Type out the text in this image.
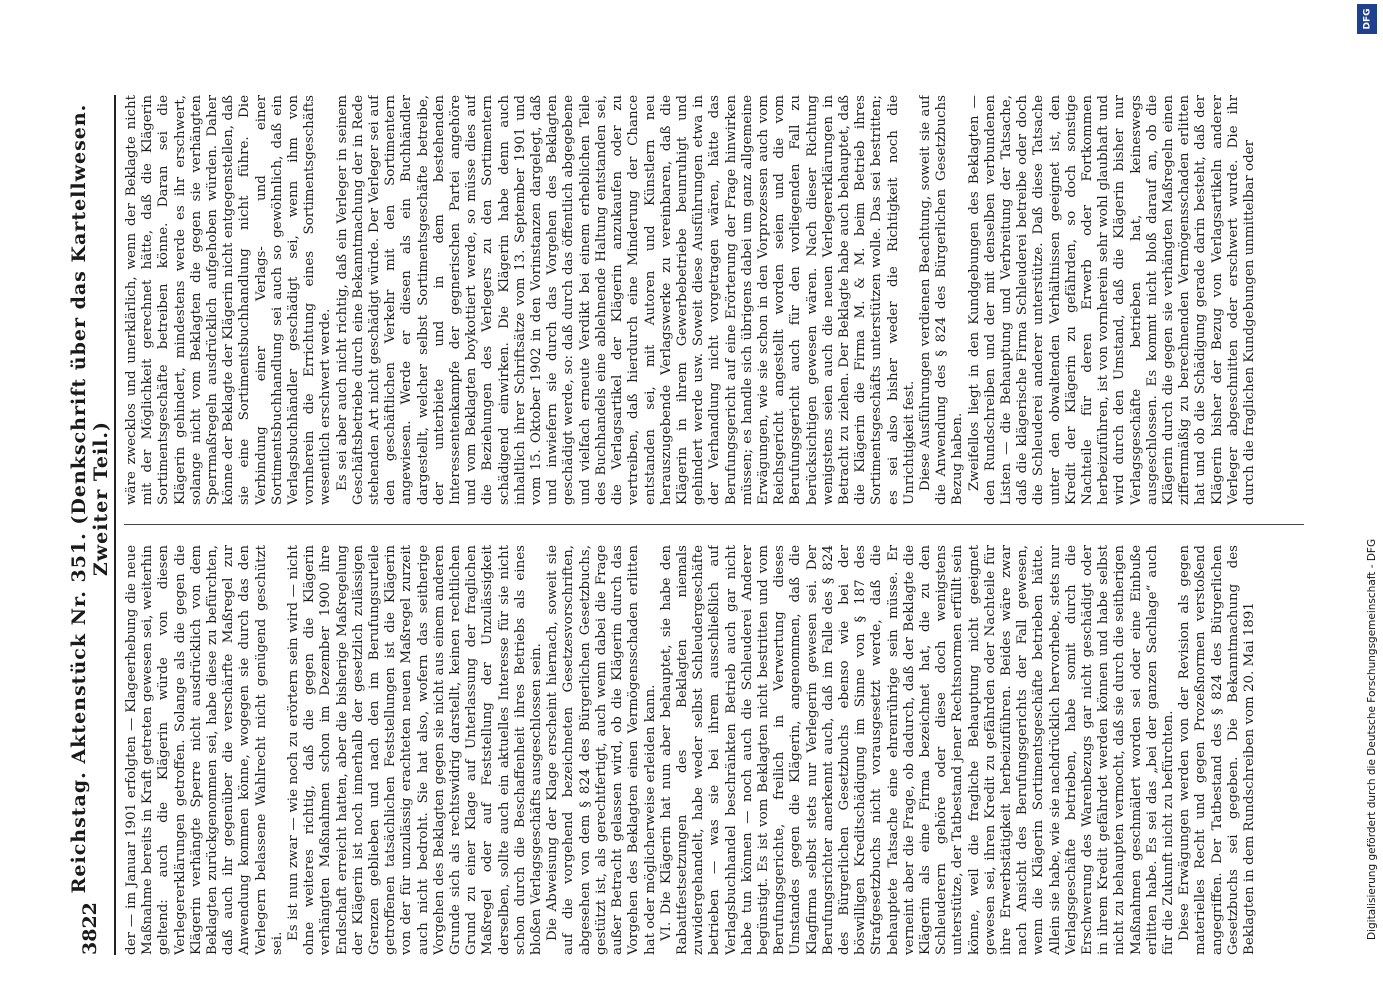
3822
Reichstag. Aktenstück Nr. 351. (Denkschrift über das Kartellwesen. Zweiter Teil.)

der — im Januar 1901 erfolgten — Klageerhebung die neue Maßnahme bereits in Kraft getreten gewesen sei, weiterhin geltend: auch die Klägerin würde von diesen Verlegererklärungen getroffen. Solange als die gegen die Klägerin verhängte Sperre nicht ausdrücklich von dem Beklagten zurückgenommen sei, habe diese zu befürchten, daß auch ihr gegenüber die verschärfte Maßregel zur Anwendung kommen könne, wogegen sie durch das den Verlegern belassene Wahlrecht nicht genügend geschützt sei.

Es ist nun zwar — wie noch zu erörtern sein wird — nicht ohne weiteres richtig, daß die gegen die Klägerin verhängten Maßnahmen schon im Dezember 1900 ihre Endschaft erreicht hatten, aber die bisherige Maßregelung der Klägerin ist noch innerhalb der gesetzlich zulässigen Grenzen geblieben und nach den im Berufungsurteile getroffenen tatsächlichen Feststellungen ist die Klägerin von der für unzulässig erachteten neuen Maßregel zurzeit auch nicht bedroht. Sie hat also, wofern das seitherige Vorgehen des Beklagten gegen sie nicht aus einem anderen Grunde sich als rechtswidrig darstellt, keinen rechtlichen Grund zu einer Klage auf Unterlassung der fraglichen Maßregel oder auf Feststellung der Unzulässigkeit derselben, sollte auch ein aktuelles Interesse für sie nicht schon durch die Beschaffenheit ihres Betriebs als eines bloßen Verlagsgeschäfts ausgeschlossen sein. Die Abweisung der Klage erscheint hiernach, soweit sie auf die vorgehend bezeichneten Gesetzesvorschriften, abgesehen von dem § 824 des Bürgerlichen Gesetzbuchs, gestützt ist, als gerechtfertigt, auch wenn dabei die Frage außer Betracht gelassen wird, ob die Klägerin durch das Vorgehen des Beklagten einen Vermögensschaden erlitten hat oder möglicherweise erleiden kann. VI. Die Klägerin hat nun aber behauptet, sie habe den Rabattfestsetzungen des Beklagten niemals zuwidergehandelt, habe weder selbst Schleudergeschäfte betrieben — was sie bei ihrem ausschließlich auf Verlagsbuchhandel beschränkten Betrieb auch gar nicht habe tun können — noch auch die Schleuderei Anderer begünstigt. Es ist vom Beklagten nicht bestritten und vom Berufungsgerichte, freilich in Verwertung dieses Umstandes gegen die Klägerin, angenommen, daß die Klagfirma selbst stets nur Verlegerin gewesen sei. Der Berufungsrichter anerkennt auch, daß im Falle des § 824 des Bürgerlichen Gesetzbuchs ebenso wie bei der böswilligen Kreditschädigung im Sinne von § 187 des Strafgesetzbuchs nicht vorausgesetzt werde, daß die behauptete Tatsache eine ehrenrührige sein müsse. Er verneint aber die Frage, ob dadurch, daß der Beklagte die Klägerin als eine Firma bezeichnet hat, die zu den Schleuderern gehöre oder diese doch wenigstens unterstütze, der Tatbestand jener Rechtsnormen erfüllt sein könne, weil die fragliche Behauptung nicht geeignet gewesen sei, ihren Kredit zu gefährden oder Nachteile für ihre Erwerbstätigkeit herbeizuführen. Beides wäre zwar nach Ansicht des Berufungsgerichts der Fall gewesen, wenn die Klägerin Sortimentsgeschäfte betrieben hätte. Allein sie habe, wie sie nachdrücklich hervorhebe, stets nur Verlagsgeschäfte betrieben, habe somit durch die Erschwerung des Warenbezugs gar nicht geschädigt oder in ihrem Kredit gefährdet werden können und habe selbst nicht zu behaupten vermocht, daß sie durch die seitherigen Maßnahmen geschmälert worden sei oder eine Einbuße erlitten habe. Es sei das „bei der ganzen Sachlage“ auch für die Zukunft nicht zu befürchten. Diese Erwägungen werden von der Revision als gegen materielles Recht und gegen Prozeßnormen verstoßend angegriffen. Der Tatbestand des § 824 des Bürgerlichen Gesetzbuchs sei gegeben. Die Bekanntmachung des Beklagten in dem Rundschreiben vom 20. Mai 1891

wäre zwecklos und unerklärlich, wenn der Beklagte nicht mit der Möglichkeit gerechnet hätte, daß die Klägerin Sortimentsgeschäfte betreiben könne. Daran sei die Klägerin gehindert, mindestens werde es ihr erschwert, solange nicht vom Beklagten die gegen sie verhängten Sperrmaßregeln ausdrücklich aufgehoben würden. Daher könne der Beklagte der Klägerin nicht entgegenstellen, daß sie eine Sortimentsbuchhandlung nicht führe. Die Verbindung einer Verlags- und einer Sortimentsbuchhandlung sei auch so gewöhnlich, daß ein Verlagsbuchhändler geschädigt sei, wenn ihm von vornherein die Errichtung eines Sortimentsgeschäfts wesentlich erschwert werde. Es sei aber auch nicht richtig, daß ein Verleger in seinem Geschäftsbetriebe durch eine Bekanntmachung der in Rede stehenden Art nicht geschädigt würde. Der Verleger sei auf den geschäftlichen Verkehr mit den Sortimentern angewiesen. Werde er diesen als ein Buchhändler dargestellt, welcher selbst Sortimentsgeschäfte betreibe, der unterbiete und in dem bestehenden Interessentenkampfe der gegnerischen Partei angehöre und vom Beklagten boykottiert werde, so müsse dies auf die Beziehungen des Verlegers zu den Sortimentern schädigend einwirken. Die Klägerin habe denn auch inhaltlich ihrer Schriftsätze vom 13. September 1901 und vom 15. Oktober 1902 in den Vorinstanzen dargelegt, daß und inwiefern sie durch das Vorgehen des Beklagten geschädigt werde, so: daß durch das öffentlich abgegebene und vielfach erneute Verdikt bei einem erheblichen Teile des Buchhandels eine ablehnende Haltung entstanden sei, die Verlagsartikel der Klägerin anzukaufen oder zu vertreiben, daß hierdurch eine Minderung der Chance entstanden sei, mit Autoren und Künstlern neu herauszugebende Verlagswerke zu vereinbaren, daß die Klägerin in ihrem Gewerbebetriebe beunruhigt und gehindert werde usw. Soweit diese Ausführungen etwa in der Verhandlung nicht vorgetragen wären, hätte das Berufungsgericht auf eine Erörterung der Frage hinwirken müssen; es handle sich übrigens dabei um ganz allgemeine Erwägungen, wie sie schon in den Vorprozessen auch vom Reichsgericht angestellt worden seien und die vom Berufungsgericht auch für den vorliegenden Fall zu berücksichtigen gewesen wären. Nach dieser Richtung wenigstens seien auch die neuen Verlegererklärungen in Betracht zu ziehen. Der Beklagte habe auch behauptet, daß die Klägerin die Firma M. & M. beim Betrieb ihres Sortimentsgeschäfts unterstützen wolle. Das sei bestritten; es sei also bisher weder die Richtigkeit noch die Unrichtigkeit fest. Diese Ausführungen verdienen Beachtung, soweit sie auf die Anwendung des § 824 des Bürgerlichen Gesetzbuchs Bezug haben. Zweifellos liegt in den Kundgebungen des Beklagten — den Rundschreiben und der mit denselben verbundenen Listen — die Behauptung und Verbreitung der Tatsache, daß die klägerische Firma Schleuderei betreibe oder doch die Schleuderei anderer unterstütze. Daß diese Tatsache unter den obwaltenden Verhältnissen geeignet ist, den Kredit der Klägerin zu gefährden, so doch sonstige Nachteile für deren Erwerb oder Fortkommen herbeizuführen, ist von vornherein sehr wohl glaubhaft und wird durch den Umstand, daß die Klägerin bisher nur Verlagsgeschäfte betrieben hat, keineswegs ausgeschlossen. Es kommt nicht bloß darauf an, ob die Klägerin durch die gegen sie verhängten Maßregeln einen ziffernmäßig zu berechnenden Vermögensschaden erlitten hat und ob die Schädigung gerade darin besteht, daß der Klägerin bisher der Bezug von Verlagsartikeln anderer Verleger abgeschnitten oder erschwert wurde. Die ihr durch die fraglichen Kundgebungen unmittelbar oder

DFG
Digitalisierung gefördert durch die Deutsche Forschungsgemeinschaft - DFG
